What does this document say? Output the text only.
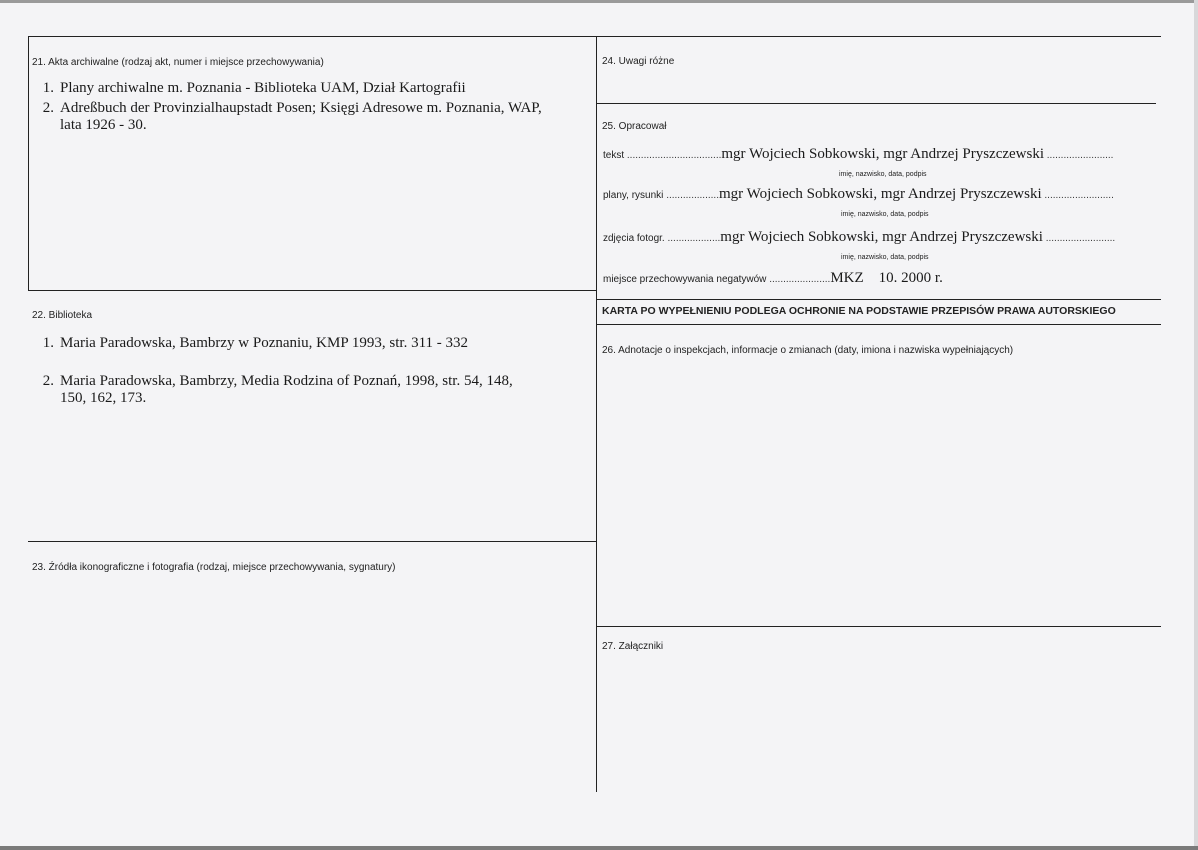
21. Akta archiwalne (rodzaj akt, numer i miejsce przechowywania)
1. Plany archiwalne m. Poznania - Biblioteka UAM, Dział Kartografii
2. Adreßbuch der Provinzialhaupstadt Posen; Księgi Adresowe m. Poznania, WAP,
lata 1926 - 30.
22. Biblioteka
1. Maria Paradowska, Bambrzy w Poznaniu, KMP 1993, str. 311 - 332
2. Maria Paradowska, Bambrzy, Media Rodzina of Poznań, 1998, str. 54, 148,
150, 162, 173.
23. Źródła ikonograficzne i fotografia (rodzaj, miejsce przechowywania, sygnatury)
24. Uwagi różne
25. Opracował
tekst ..................................mgr Wojciech Sobkowski, mgr Andrzej Pryszczewski ........................
imię, nazwisko, data, podpis
plany, rysunki ...................mgr Wojciech Sobkowski, mgr Andrzej Pryszczewski .........................
imię, nazwisko, data, podpis
zdjęcia fotogr. ...................mgr Wojciech Sobkowski, mgr Andrzej Pryszczewski .........................
imię, nazwisko, data, podpis
miejsce przechowywania negatywów ......................MKZ    10. 2000 r.
KARTA PO WYPEŁNIENIU PODLEGA OCHRONIE NA PODSTAWIE PRZEPISÓW PRAWA AUTORSKIEGO
26. Adnotacje o inspekcjach, informacje o zmianach (daty, imiona i nazwiska wypełniających)
27. Załączniki
